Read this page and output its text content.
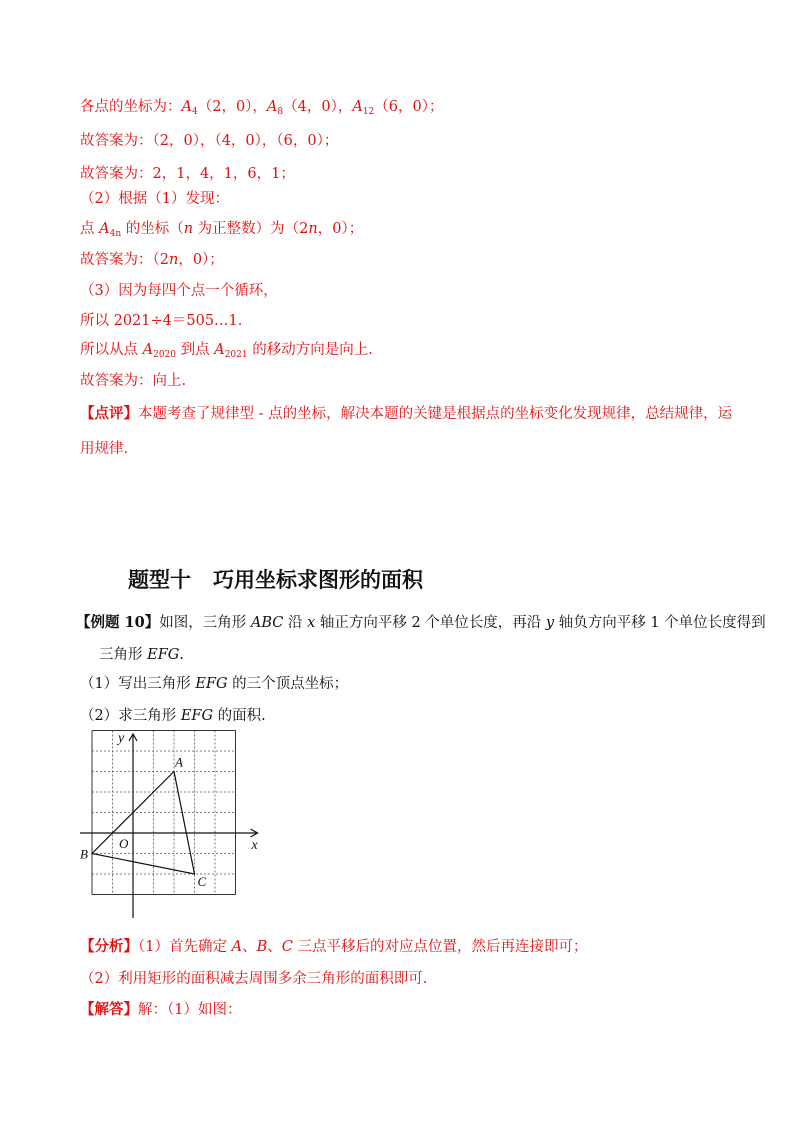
各点的坐标为：$A_4(2$，0），$A_8(4$，0），$A_{12}(6$，0）；
故答案为：（2，0），（4，0），（6，0）；
故答案为：2，1，4，1，6，1；
（2）根据（1）发现：
点 $A_{4n}$ 的坐标（n 为正整数）为（2n，0）；
故答案为：（2n，0）；
（3）因为每四个点一个循环，
所以 2021÷4＝505…1.
所以从点 $A_{2020}$ 到点 $A_{2021}$ 的移动方向是向上.
故答案为：向上.
【点评】本题考查了规律型 - 点的坐标，解决本题的关键是根据点的坐标变化发现规律，总结规律，运
用规律.
题型十 巧用坐标求图形的面积
【例题 10】如图，三角形 ABC 沿 x 轴正方向平移 2 个单位长度，再沿 y 轴负方向平移 1 个单位长度得到
三角形 EFG.
（1）写出三角形 EFG 的三个顶点坐标；
（2）求三角形 EFG 的面积.
x
y
O
A
B
C
【分析】（1）首先确定 A、B、C 三点平移后的对应点位置，然后再连接即可；
（2）利用矩形的面积减去周围多余三角形的面积即可.
【解答】解：（1）如图：
